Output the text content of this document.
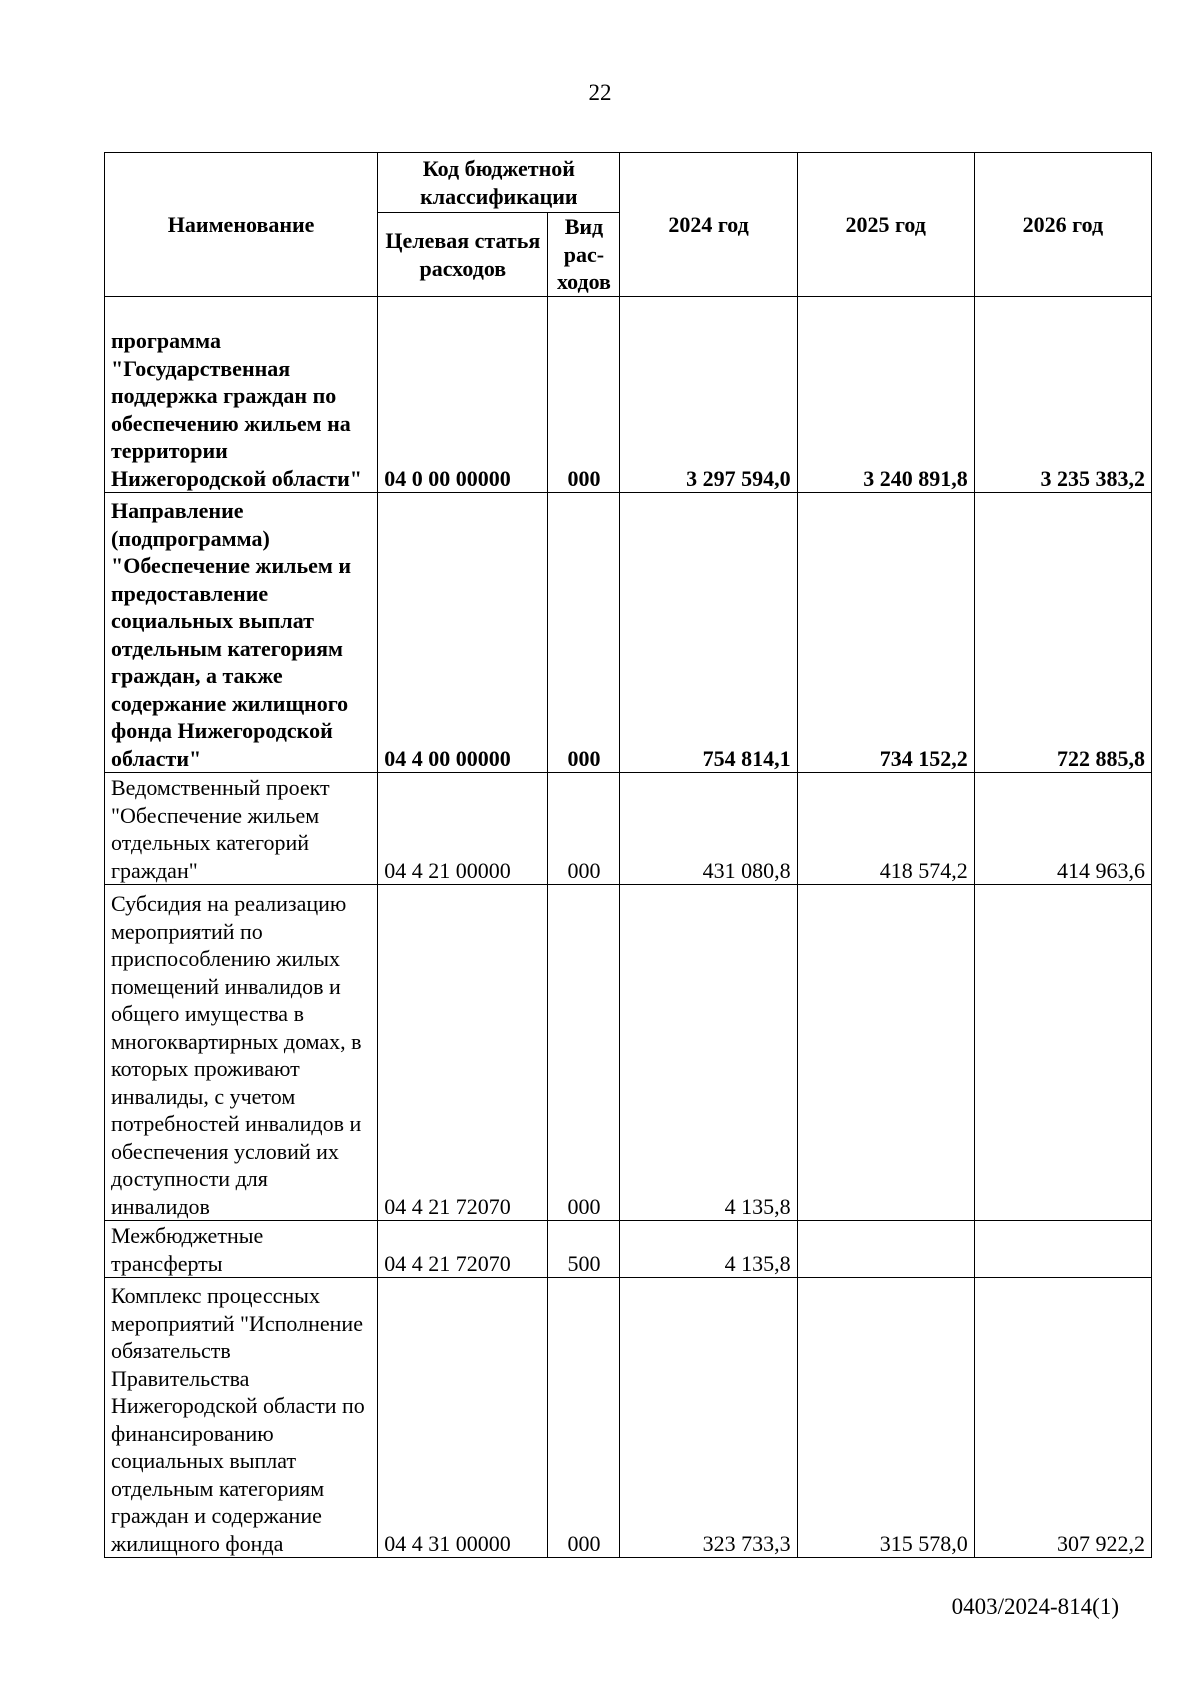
22
Наименование	Код бюджетной классификации		2024 год	2025 год	2026 год
	Целевая статья расходов	Вид рас-ходов			
программа "Государственная поддержка граждан по обеспечению жильем на территории Нижегородской области"	04 0 00 00000	000	3 297 594,0	3 240 891,8	3 235 383,2
Направление (подпрограмма) "Обеспечение жильем и предоставление социальных выплат отдельным категориям граждан, а также содержание жилищного фонда Нижегородской области"	04 4 00 00000	000	754 814,1	734 152,2	722 885,8
Ведомственный проект "Обеспечение жильем отдельных категорий граждан"	04 4 21 00000	000	431 080,8	418 574,2	414 963,6
Субсидия на реализацию мероприятий по приспособлению жилых помещений инвалидов и общего имущества в многоквартирных домах, в которых проживают инвалиды, с учетом потребностей инвалидов и обеспечения условий их доступности для инвалидов	04 4 21 72070	000	4 135,8		
Межбюджетные трансферты	04 4 21 72070	500	4 135,8		
Комплекс процессных мероприятий "Исполнение обязательств Правительства Нижегородской области по финансированию социальных выплат отдельным категориям граждан и содержание жилищного фонда	04 4 31 00000	000	323 733,3	315 578,0	307 922,2
0403/2024-814(1)
